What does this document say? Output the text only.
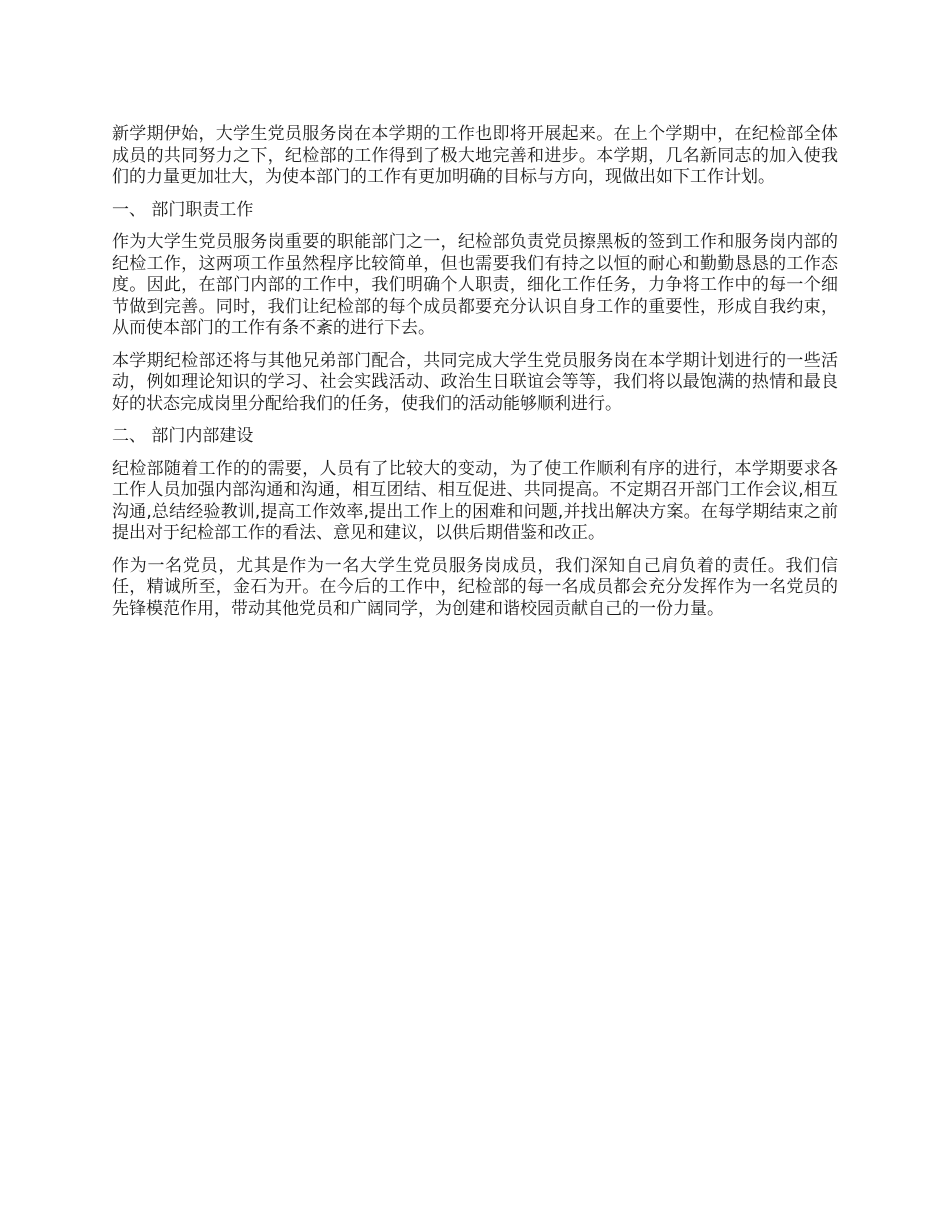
新学期伊始，大学生党员服务岗在本学期的工作也即将开展起来。在上个学期中，在纪检部全体成员的共同努力之下，纪检部的工作得到了极大地完善和进步。本学期，几名新同志的加入使我们的力量更加壮大，为使本部门的工作有更加明确的目标与方向，现做出如下工作计划。

一、 部门职责工作

作为大学生党员服务岗重要的职能部门之一，纪检部负责党员擦黑板的签到工作和服务岗内部的纪检工作，这两项工作虽然程序比较简单，但也需要我们有持之以恒的耐心和勤勤恳恳的工作态度。因此，在部门内部的工作中，我们明确个人职责，细化工作任务，力争将工作中的每一个细节做到完善。同时，我们让纪检部的每个成员都要充分认识自身工作的重要性，形成自我约束，从而使本部门的工作有条不紊的进行下去。

本学期纪检部还将与其他兄弟部门配合，共同完成大学生党员服务岗在本学期计划进行的一些活动，例如理论知识的学习、社会实践活动、政治生日联谊会等等，我们将以最饱满的热情和最良好的状态完成岗里分配给我们的任务，使我们的活动能够顺利进行。

二、 部门内部建设

纪检部随着工作的的需要，人员有了比较大的变动，为了使工作顺利有序的进行，本学期要求各工作人员加强内部沟通和沟通，相互团结、相互促进、共同提高。不定期召开部门工作会议,相互沟通,总结经验教训,提高工作效率,提出工作上的困难和问题,并找出解决方案。在每学期结束之前提出对于纪检部工作的看法、意见和建议，以供后期借鉴和改正。

作为一名党员，尤其是作为一名大学生党员服务岗成员，我们深知自己肩负着的责任。我们信任，精诚所至，金石为开。在今后的工作中，纪检部的每一名成员都会充分发挥作为一名党员的先锋模范作用，带动其他党员和广阔同学，为创建和谐校园贡献自己的一份力量。
